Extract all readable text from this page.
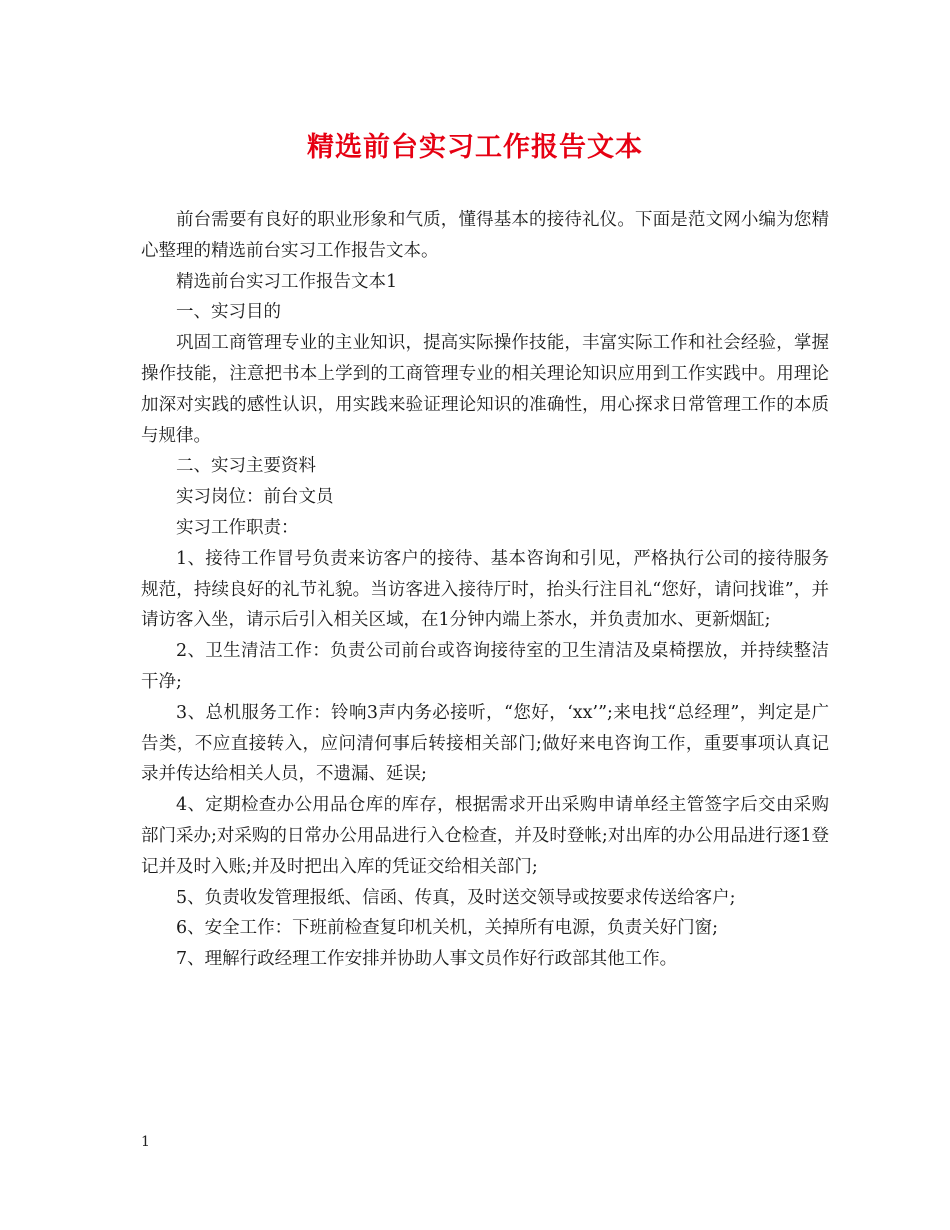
精选前台实习工作报告文本

前台需要有良好的职业形象和气质，懂得基本的接待礼仪。下面是范文网小编为您精心整理的精选前台实习工作报告文本。

精选前台实习工作报告文本1

一、实习目的

巩固工商管理专业的主业知识，提高实际操作技能，丰富实际工作和社会经验，掌握操作技能，注意把书本上学到的工商管理专业的相关理论知识应用到工作实践中。用理论加深对实践的感性认识，用实践来验证理论知识的准确性，用心探求日常管理工作的本质与规律。

二、实习主要资料

实习岗位：前台文员

实习工作职责：

1、接待工作冒号负责来访客户的接待、基本咨询和引见，严格执行公司的接待服务规范，持续良好的礼节礼貌。当访客进入接待厅时，抬头行注目礼“您好，请问找谁”，并请访客入坐，请示后引入相关区域，在1分钟内端上茶水，并负责加水、更新烟缸;

2、卫生清洁工作：负责公司前台或咨询接待室的卫生清洁及桌椅摆放，并持续整洁干净;

3、总机服务工作：铃响3声内务必接听，“您好，‘xx’”;来电找“总经理”，判定是广告类，不应直接转入，应问清何事后转接相关部门;做好来电咨询工作，重要事项认真记录并传达给相关人员，不遗漏、延误;

4、定期检查办公用品仓库的库存，根据需求开出采购申请单经主管签字后交由采购部门采办;对采购的日常办公用品进行入仓检查，并及时登帐;对出库的办公用品进行逐1登记并及时入账;并及时把出入库的凭证交给相关部门;

5、负责收发管理报纸、信函、传真，及时送交领导或按要求传送给客户;

6、安全工作：下班前检查复印机关机，关掉所有电源，负责关好门窗;

7、理解行政经理工作安排并协助人事文员作好行政部其他工作。

1
